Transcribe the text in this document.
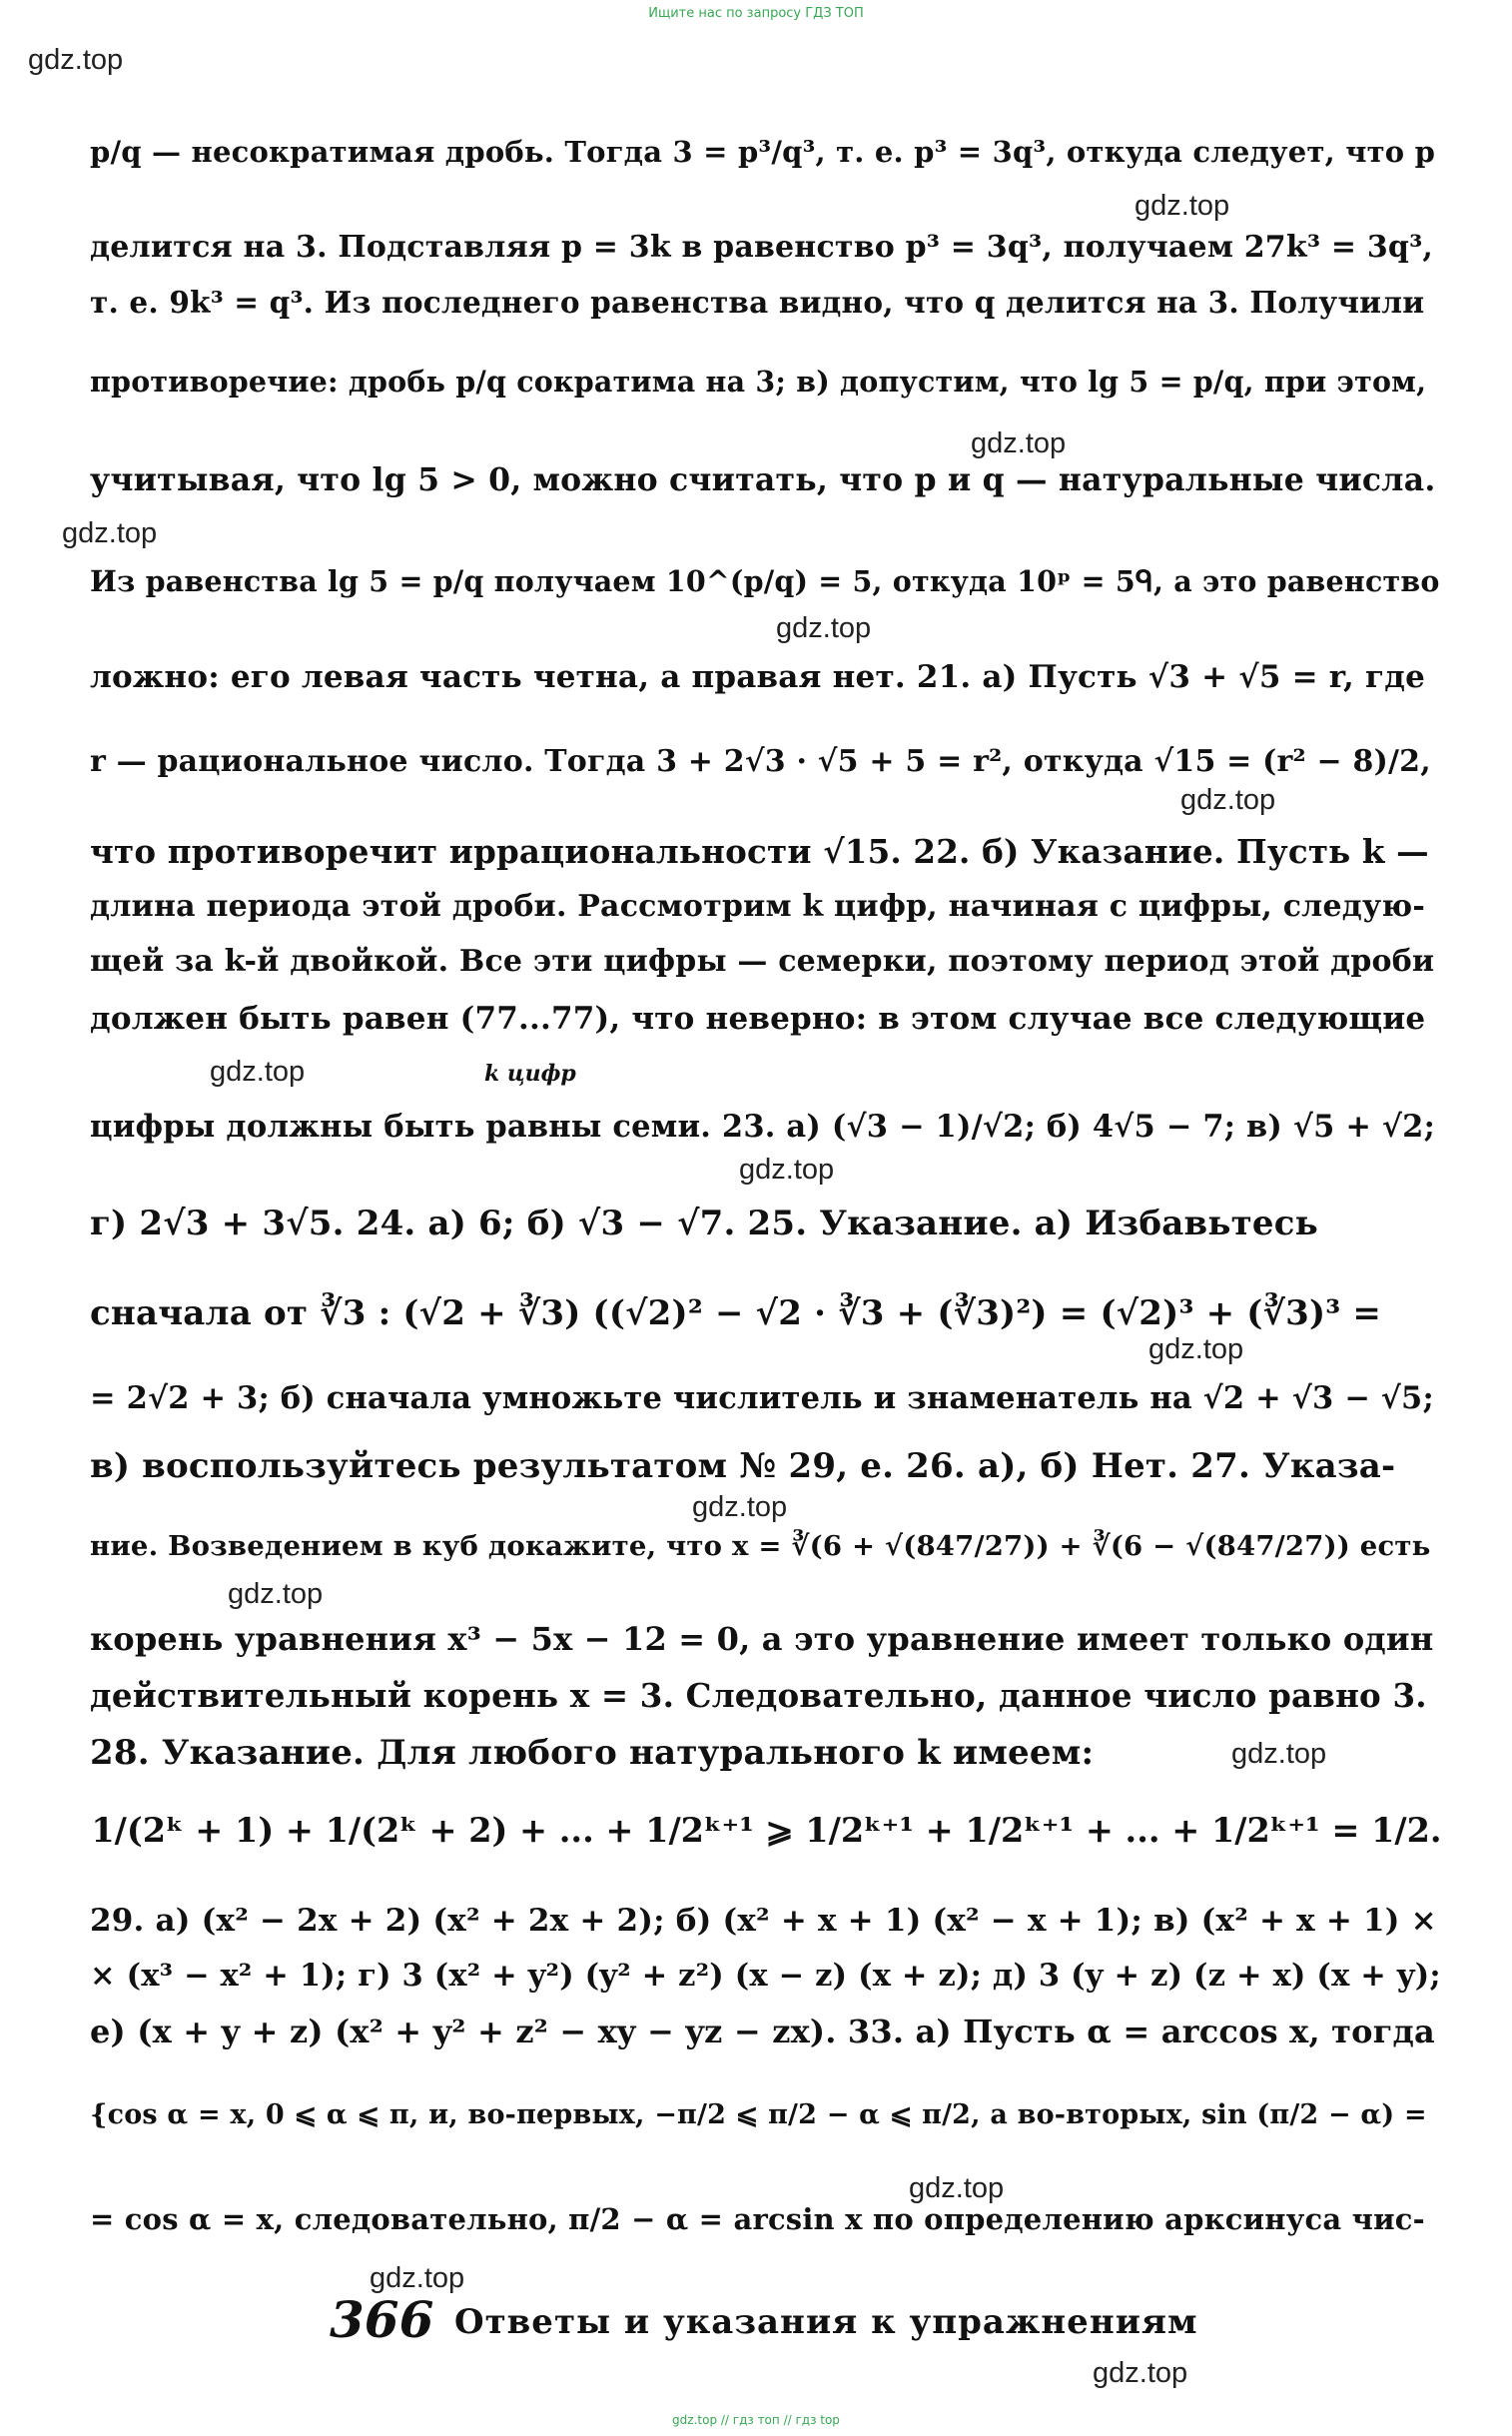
Ищите нас по запросу ГДЗ ТОП
gdz.top
gdz.top
gdz.top
gdz.top
gdz.top
gdz.top
gdz.top
gdz.top
gdz.top
gdz.top
gdz.top
gdz.top
gdz.top
gdz.top
gdz.top
p/q — несократимая дробь. Тогда 3 = p³/q³, т. е. p³ = 3q³, откуда следует, что p
делится на 3. Подставляя p = 3k в равенство p³ = 3q³, получаем 27k³ = 3q³,
т. е. 9k³ = q³. Из последнего равенства видно, что q делится на 3. Получили
противоречие: дробь p/q сократима на 3; в) допустим, что lg 5 = p/q, при этом,
учитывая, что lg 5 > 0, можно считать, что p и q — натуральные числа.
Из равенства lg 5 = p/q получаем 10^(p/q) = 5, откуда 10ᵖ = 5ᑫ, а это равенство
ложно: его левая часть четна, а правая нет. 21. а) Пусть √3 + √5 = r, где
r — рациональное число. Тогда 3 + 2√3 · √5 + 5 = r², откуда √15 = (r² − 8)/2,
что противоречит иррациональности √15. 22. б) Указание. Пусть k —
длина периода этой дроби. Рассмотрим k цифр, начиная с цифры, следую-
щей за k-й двойкой. Все эти цифры — семерки, поэтому период этой дроби
должен быть равен (77...77), что неверно: в этом случае все следующие
k цифр
цифры должны быть равны семи. 23. а) (√3 − 1)/√2; б) 4√5 − 7; в) √5 + √2;
г) 2√3 + 3√5. 24. а) 6; б) √3 − √7. 25. Указание. а) Избавьтесь
сначала от ∛3 : (√2 + ∛3) ((√2)² − √2 · ∛3 + (∛3)²) = (√2)³ + (∛3)³ =
= 2√2 + 3; б) сначала умножьте числитель и знаменатель на √2 + √3 − √5;
в) воспользуйтесь результатом № 29, е. 26. а), б) Нет. 27. Указа-
ние. Возведением в куб докажите, что x = ∛(6 + √(847/27)) + ∛(6 − √(847/27)) есть
корень уравнения x³ − 5x − 12 = 0, а это уравнение имеет только один
действительный корень x = 3. Следовательно, данное число равно 3.
28. Указание. Для любого натурального k имеем:
1/(2ᵏ + 1) + 1/(2ᵏ + 2) + ... + 1/2ᵏ⁺¹ ⩾ 1/2ᵏ⁺¹ + 1/2ᵏ⁺¹ + ... + 1/2ᵏ⁺¹ = 1/2.
29. а) (x² − 2x + 2) (x² + 2x + 2); б) (x² + x + 1) (x² − x + 1); в) (x² + x + 1) ×
× (x³ − x² + 1); г) 3 (x² + y²) (y² + z²) (x − z) (x + z); д) 3 (y + z) (z + x) (x + y);
е) (x + y + z) (x² + y² + z² − xy − yz − zx). 33. а) Пусть α = arccos x, тогда
{cos α = x, 0 ⩽ α ⩽ π, и, во-первых, −π/2 ⩽ π/2 − α ⩽ π/2, а во-вторых, sin (π/2 − α) =
= cos α = x, следовательно, π/2 − α = arcsin x по определению арксинуса чис-
366 Ответы и указания к упражнениям
gdz.top // гдз топ // гдз top
